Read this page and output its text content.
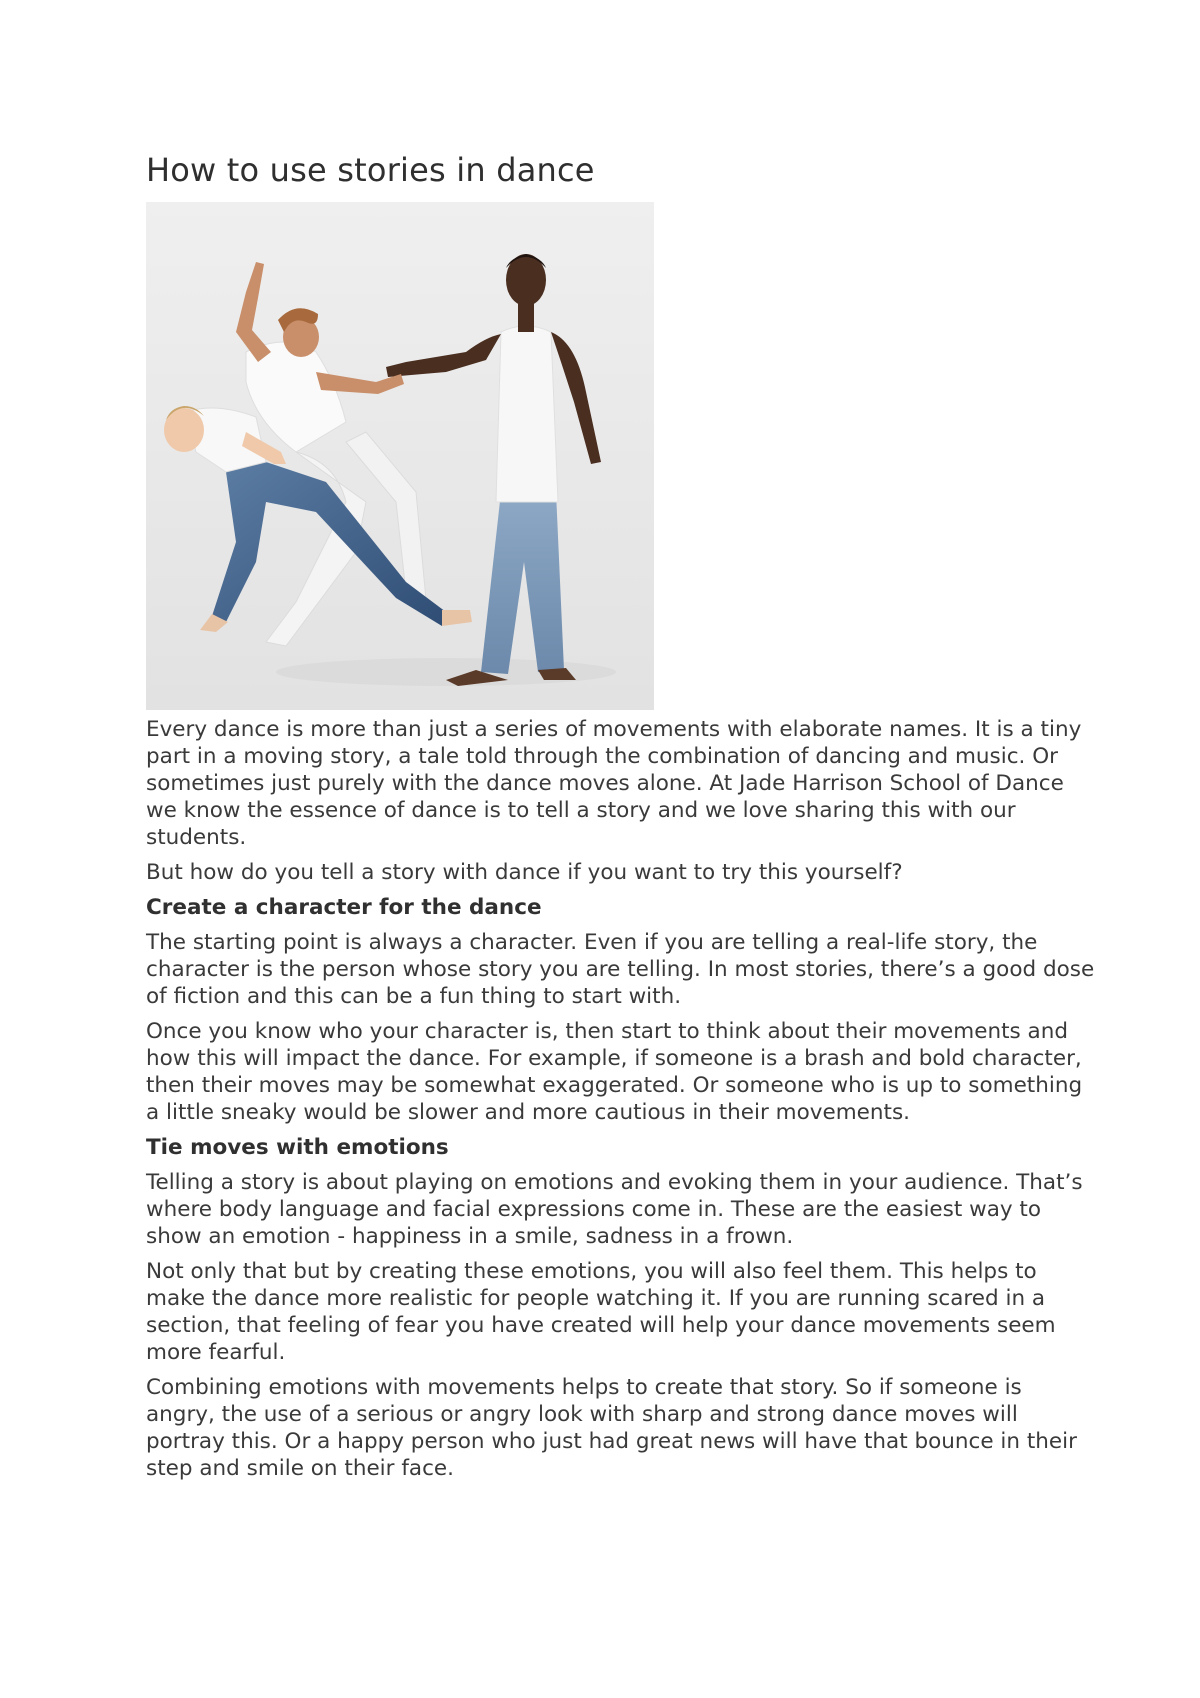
How to use stories in dance

Every dance is more than just a series of movements with elaborate names. It is a tiny part in a moving story, a tale told through the combination of dancing and music. Or sometimes just purely with the dance moves alone. At Jade Harrison School of Dance we know the essence of dance is to tell a story and we love sharing this with our students.

But how do you tell a story with dance if you want to try this yourself?

Create a character for the dance

The starting point is always a character. Even if you are telling a real-life story, the character is the person whose story you are telling. In most stories, there’s a good dose of fiction and this can be a fun thing to start with.

Once you know who your character is, then start to think about their movements and how this will impact the dance. For example, if someone is a brash and bold character, then their moves may be somewhat exaggerated. Or someone who is up to something a little sneaky would be slower and more cautious in their movements.

Tie moves with emotions

Telling a story is about playing on emotions and evoking them in your audience. That’s where body language and facial expressions come in. These are the easiest way to show an emotion - happiness in a smile, sadness in a frown.

Not only that but by creating these emotions, you will also feel them. This helps to make the dance more realistic for people watching it. If you are running scared in a section, that feeling of fear you have created will help your dance movements seem more fearful.

Combining emotions with movements helps to create that story. So if someone is angry, the use of a serious or angry look with sharp and strong dance moves will portray this. Or a happy person who just had great news will have that bounce in their step and smile on their face.
